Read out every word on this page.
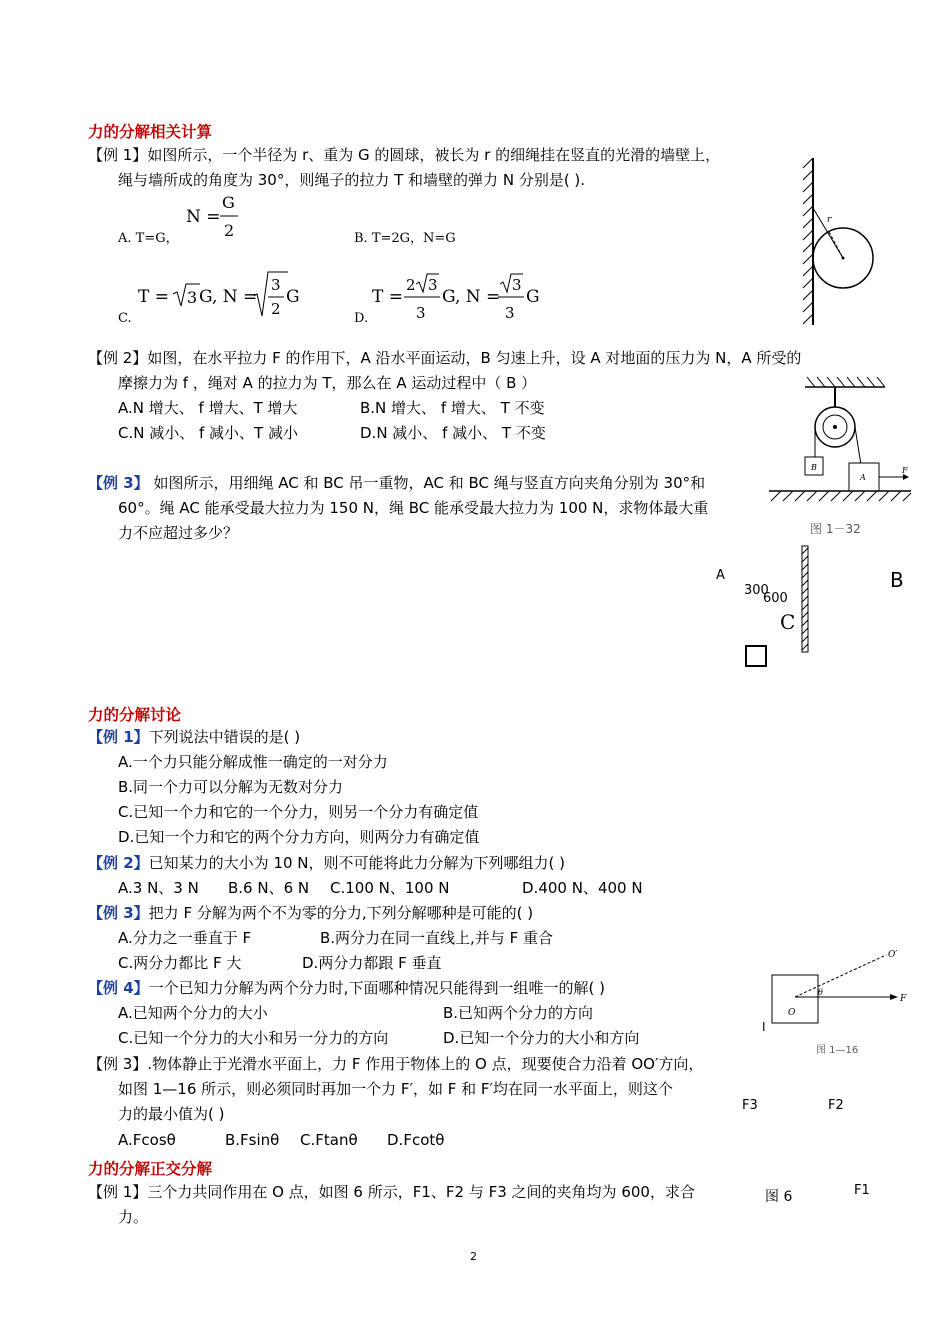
力的分解相关计算
【例 1】如图所示，一个半径为 r、重为 G 的圆球，被长为 r 的细绳挂在竖直的光滑的墙壁上，
绳与墙所成的角度为 30°，则绳子的拉力 T 和墙壁的弹力 N 分别是( ).
A. T=G，	B. T=2G，N=G
N =
G
2
C.
T = 3 G, N =
3
2
G
D.
T =
2 3
3
G, N =
3
3
G
r
【例 2】如图，在水平拉力 F 的作用下，A 沿水平面运动，B 匀速上升，设 A 对地面的压力为 N，A 所受的
摩擦力为 f ，绳对 A 的拉力为 T，那么在 A 运动过程中（ B ）
A.N 增大、 f 增大、T 增大	B.N 增大、 f 增大、 T 不变
C.N 减小、 f 减小、T 减小	D.N 减小、 f 减小、 T 不变
B
A
F
图 1－32
【例 3】 如图所示，用细绳 AC 和 BC 吊一重物，AC 和 BC 绳与竖直方向夹角分别为 30°和
60°。绳 AC 能承受最大拉力为 150 N，绳 BC 能承受最大拉力为 100 N，求物体最大重
力不应超过多少？
A	B
300
600
C
力的分解讨论
【例 1】下列说法中错误的是( )
A.一个力只能分解成惟一确定的一对分力
B.同一个力可以分解为无数对分力
C.已知一个力和它的一个分力，则另一个分力有确定值
D.已知一个力和它的两个分力方向，则两分力有确定值
【例 2】已知某力的大小为 10 N，则不可能将此力分解为下列哪组力( )
A.3 N、3 N B.6 N、6 N C.100 N、100 N	D.400 N、400 N
【例 3】把力 F 分解为两个不为零的分力,下列分解哪种是可能的( )
A.分力之一垂直于 F	B.两分力在同一直线上,并与 F 重合
C.两分力都比 F 大	D.两分力都跟 F 垂直
【例 4】一个已知力分解为两个分力时,下面哪种情况只能得到一组唯一的解( )
A.已知两个分力的大小	B.已知两个分力的方向
C.已知一个分力的大小和另一分力的方向	D.已知一个分力的大小和方向
【例 3】.物体静止于光滑水平面上，力 F 作用于物体上的 O 点，现要使合力沿着 OO′方向，
如图 1—16 所示，则必须同时再加一个力 F′，如 F 和 F′均在同一水平面上，则这个
力的最小值为( )
A.Fcosθ	B.Fsinθ C.Ftanθ D.Fcotθ
O
O′
θ
F
I
图 1—16
F3	F2
F1
图 6
力的分解正交分解
【例 1】三个力共同作用在 O 点，如图 6 所示，F1、F2 与 F3 之间的夹角均为 600，求合
力。
2
